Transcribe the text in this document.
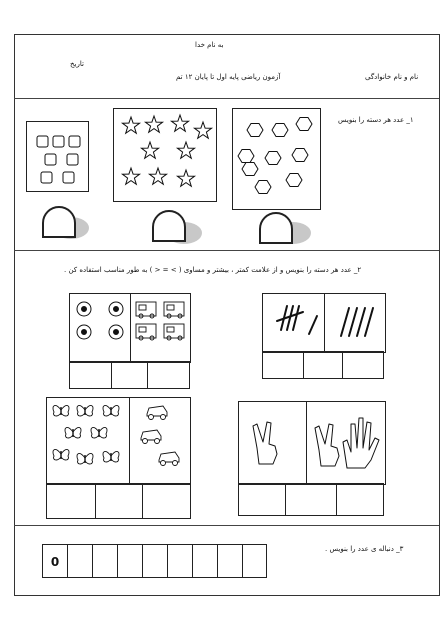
به نام خدا
تاریخ
نام و نام خانوادگی
آزمون ریاضی پایه اول تا پایان ۱۲ تم
۱_ عدد هر دسته را بنویس
۲_ عدد هر دسته را بنویس و از علامت کمتر ، بیشتر و مساوی ( > = < ) به طور مناسب استفاده کن .
۳_ دنباله ی عدد را بنویس .
0
